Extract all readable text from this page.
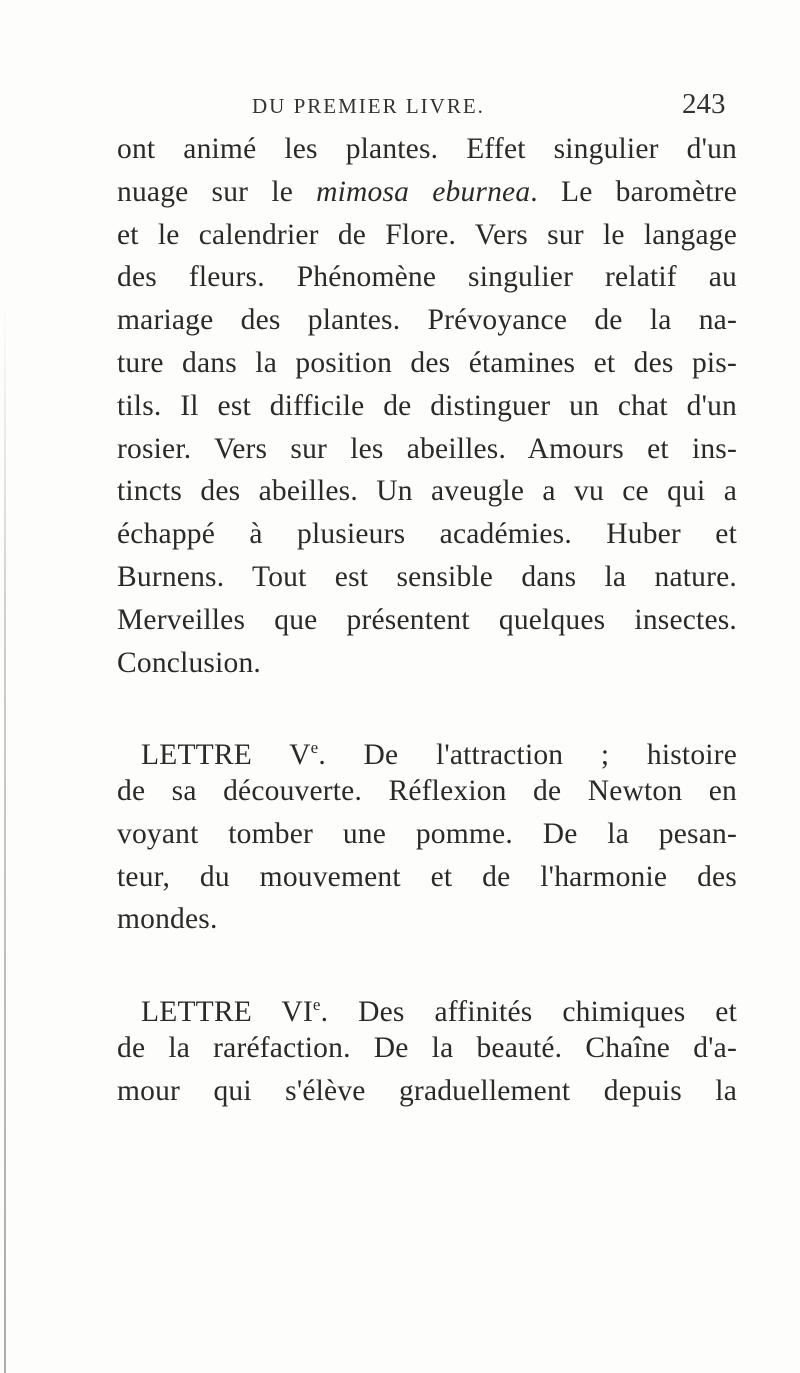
DU PREMIER LIVRE.	243
ont animé les plantes. Effet singulier d'un
nuage sur le mimosa eburnea. Le baromètre
et le calendrier de Flore. Vers sur le langage
des fleurs. Phénomène singulier relatif au
mariage des plantes. Prévoyance de la na-
ture dans la position des étamines et des pis-
tils. Il est difficile de distinguer un chat d'un
rosier. Vers sur les abeilles. Amours et ins-
tincts des abeilles. Un aveugle a vu ce qui a
échappé à plusieurs académies. Huber et
Burnens. Tout est sensible dans la nature.
Merveilles que présentent quelques insectes.
Conclusion.
LETTRE Ve. De l'attraction ; histoire
de sa découverte. Réflexion de Newton en
voyant tomber une pomme. De la pesan-
teur, du mouvement et de l'harmonie des
mondes.
LETTRE VIe. Des affinités chimiques et
de la raréfaction. De la beauté. Chaîne d'a-
mour qui s'élève graduellement depuis la
